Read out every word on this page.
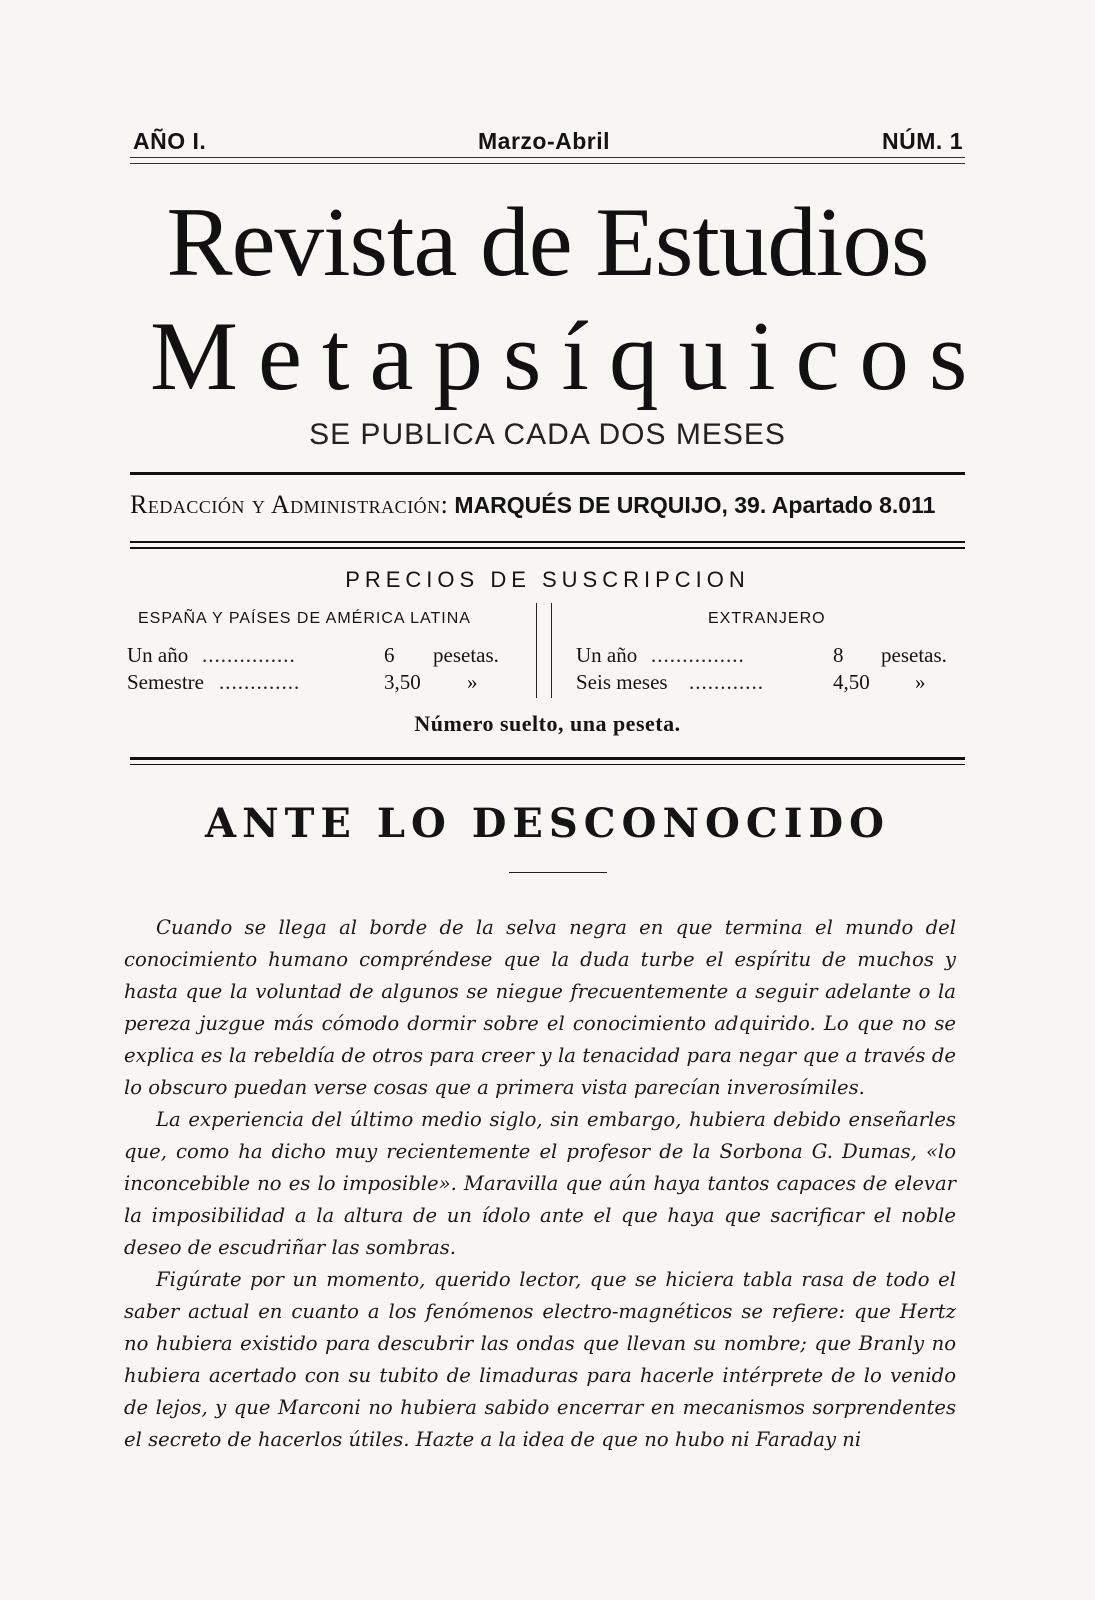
AÑO I.	Marzo-Abril	NÚM. 1
Revista de Estudios
Metapsíquicos
SE PUBLICA CADA DOS MESES
Redacción y Administración: MARQUÉS DE URQUIJO, 39. Apartado 8.011
PRECIOS DE SUSCRIPCION
ESPAÑA Y PAÍSES DE AMÉRICA LATINA	EXTRANJERO
Un año ...............	6 pesetas.
Semestre .............	3,50 »
Un año ...............	8 pesetas.
Seis meses ............	4,50 »
Número suelto, una peseta.
ANTE LO DESCONOCIDO

Cuando se llega al borde de la selva negra en que termina el mundo del conocimiento humano compréndese que la duda turbe el espíritu de muchos y hasta que la voluntad de algunos se niegue frecuentemente a seguir adelante o la pereza juzgue más cómodo dormir sobre el conocimiento adquirido. Lo que no se explica es la rebeldía de otros para creer y la tenacidad para negar que a través de lo obscuro puedan verse cosas que a primera vista parecían inverosímiles.

La experiencia del último medio siglo, sin embargo, hubiera debido enseñarles que, como ha dicho muy recientemente el profesor de la Sorbona G. Dumas, «lo inconcebible no es lo imposible». Maravilla que aún haya tantos capaces de elevar la imposibilidad a la altura de un ídolo ante el que haya que sacrificar el noble deseo de escudriñar las sombras.

Figúrate por un momento, querido lector, que se hiciera tabla rasa de todo el saber actual en cuanto a los fenómenos electro-magnéticos se refiere: que Hertz no hubiera existido para descubrir las ondas que llevan su nombre; que Branly no hubiera acertado con su tubito de limaduras para hacerle intérprete de lo venido de lejos, y que Marconi no hubiera sabido encerrar en mecanismos sorprendentes el secreto de hacerlos útiles. Hazte a la idea de que no hubo ni Faraday ni
